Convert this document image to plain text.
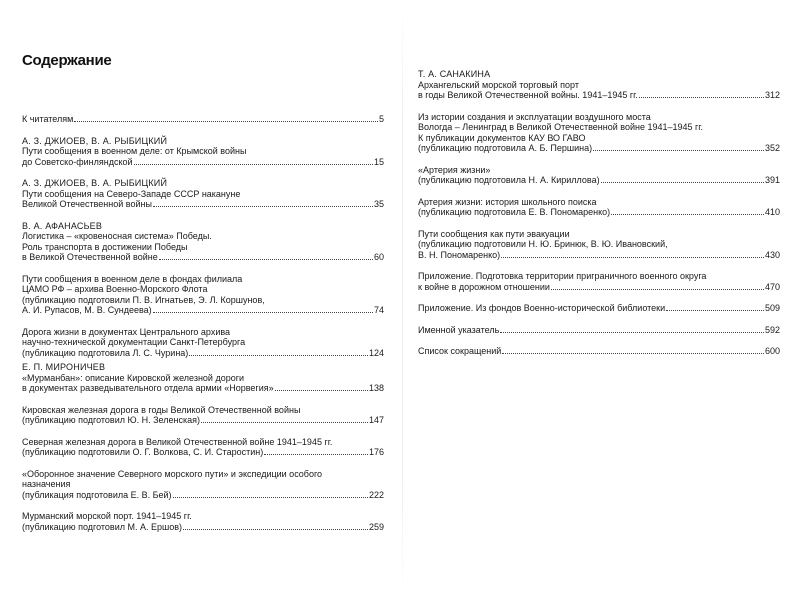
Содержание
К читателям	5
А. З. ДЖИОЕВ, В. А. РЫБИЦКИЙ
Пути сообщения в военном деле: от Крымской войны
до Советско-финляндской	15
А. З. ДЖИОЕВ, В. А. РЫБИЦКИЙ
Пути сообщения на Северо-Западе СССР накануне
Великой Отечественной войны	35
В. А. АФАНАСЬЕВ
Логистика – «кровеносная система» Победы.
Роль транспорта в достижении Победы
в Великой Отечественной войне	60
Пути сообщения в военном деле в фондах филиала
ЦАМО РФ – архива Военно-Морского Флота
(публикацию подготовили П. В. Игнатьев, Э. Л. Коршунов,
А. И. Рупасов, М. В. Сундеева)	74
Дорога жизни в документах Центрального архива
научно-технической документации Санкт-Петербурга
(публикацию подготовила Л. С. Чурина)	124
Е. П. МИРОНИЧЕВ
«Мурманбан»: описание Кировской железной дороги
в документах разведывательного отдела армии «Норвегия»	138
Кировская железная дорога в годы Великой Отечественной войны
(публикацию подготовил Ю. Н. Зеленская)	147
Северная железная дорога в Великой Отечественной войне 1941–1945 гг.
(публикацию подготовили О. Г. Волкова, С. И. Старостин)	176
«Оборонное значение Северного морского пути» и экспедиции особого
назначения
(публикация подготовила Е. В. Бей)	222
Мурманский морской порт. 1941–1945 гг.
(публикацию подготовил М. А. Ершов)	259
Т. А. САНАКИНА
Архангельский морской торговый порт
в годы Великой Отечественной войны. 1941–1945 гг.	312
Из истории создания и эксплуатации воздушного моста
Вологда – Ленинград в Великой Отечественной войне 1941–1945 гг.
К публикации документов КАУ ВО ГАВО
(публикацию подготовила А. Б. Першина)	352
«Артерия жизни»
(публикацию подготовила Н. А. Кириллова)	391
Артерия жизни: история школьного поиска
(публикацию подготовила Е. В. Пономаренко)	410
Пути сообщения как пути эвакуации
(публикацию подготовили Н. Ю. Бринюк, В. Ю. Ивановский,
В. Н. Пономаренко)	430
Приложение. Подготовка территории приграничного военного округа
к войне в дорожном отношении	470
Приложение. Из фондов Военно-исторической библиотеки	509
Именной указатель	592
Список сокращений	600
